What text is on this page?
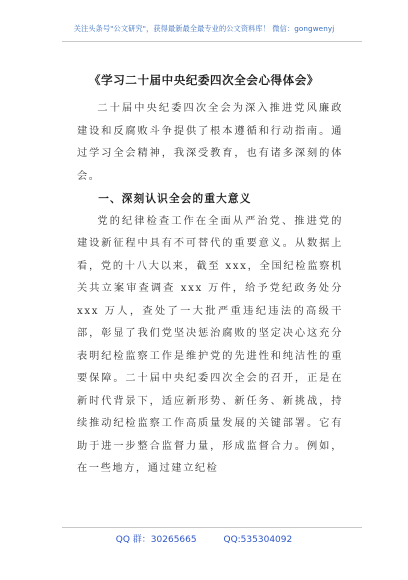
关注头条号"公文研究"，获得最新最全最专业的公文资料库！ 微信：gongwenyj
《学习二十届中央纪委四次全会心得体会》

二十届中央纪委四次全会为深入推进党风廉政建设和反腐败斗争提供了根本遵循和行动指南。通过学习全会精神，我深受教育，也有诸多深刻的体会。

一、深刻认识全会的重大意义

党的纪律检查工作在全面从严治党、推进党的建设新征程中具有不可替代的重要意义。从数据上看，党的十八大以来，截至 xxx，全国纪检监察机关共立案审查调查 xxx 万件，给予党纪政务处分 xxx 万人，查处了一大批严重违纪违法的高级干部，彰显了我们党坚决惩治腐败的坚定决心这充分表明纪检监察工作是维护党的先进性和纯洁性的重要保障。二十届中央纪委四次全会的召开，正是在新时代背景下，适应新形势、新任务、新挑战，持续推动纪检监察工作高质量发展的关键部署。它有助于进一步整合监督力量，形成监督合力。例如，在一些地方，通过建立纪检

QQ 群：30265665	QQ:535304092
